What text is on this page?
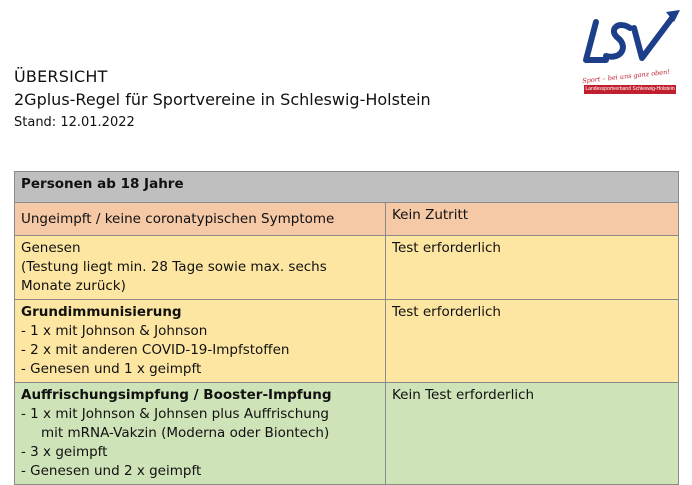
Sport – bei uns ganz oben!
Landessportverband Schleswig-Holstein
ÜBERSICHT
2Gplus-Regel für Sportvereine in Schleswig-Holstein
Stand: 12.01.2022
Personen ab 18 Jahre	

Ungeimpft / keine coronatypischen Symptome	Kein Zutritt

Genesen
(Testung liegt min. 28 Tage sowie max. sechs
Monate zurück)	Test erforderlich

Grundimmunisierung
- 1 x mit Johnson & Johnson
- 2 x mit anderen COVID-19-Impfstoffen
- Genesen und 1 x geimpft	Test erforderlich

Auffrischungsimpfung / Booster-Impfung
- 1 x mit Johnson & Johnsen plus Auffrischung
mit mRNA-Vakzin (Moderna oder Biontech)
- 3 x geimpft
- Genesen und 2 x geimpft	Kein Test erforderlich
